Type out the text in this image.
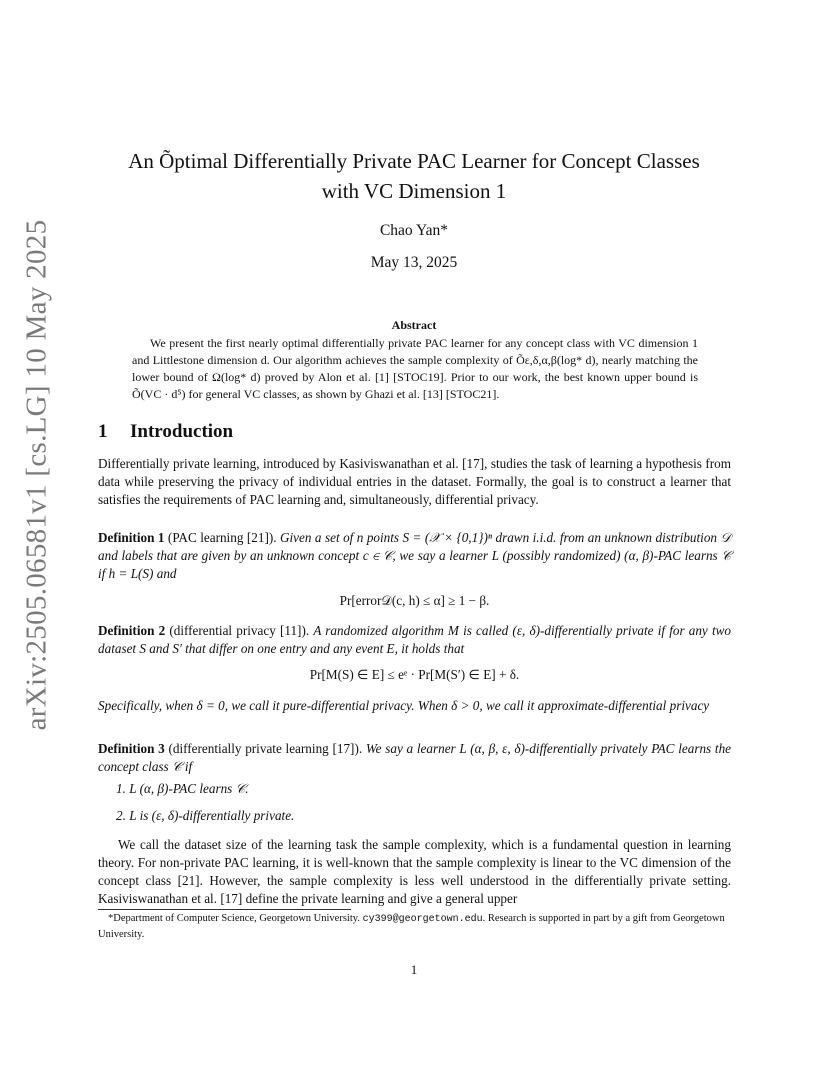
arXiv:2505.06581v1 [cs.LG] 10 May 2025
An Õptimal Differentially Private PAC Learner for Concept Classes
with VC Dimension 1
Chao Yan*
May 13, 2025
Abstract
We present the first nearly optimal differentially private PAC learner for any concept class with VC dimension 1 and Littlestone dimension d. Our algorithm achieves the sample complexity of Õε,δ,α,β(log* d), nearly matching the lower bound of Ω(log* d) proved by Alon et al. [1] [STOC19]. Prior to our work, the best known upper bound is Õ(VC · d⁵) for general VC classes, as shown by Ghazi et al. [13] [STOC21].
1 Introduction
Differentially private learning, introduced by Kasiviswanathan et al. [17], studies the task of learning a hypothesis from data while preserving the privacy of individual entries in the dataset. Formally, the goal is to construct a learner that satisfies the requirements of PAC learning and, simultaneously, differential privacy.
Definition 1 (PAC learning [21]). Given a set of n points S = (𝒳 × {0,1})ⁿ drawn i.i.d. from an unknown distribution 𝒟 and labels that are given by an unknown concept c ∈ 𝒞, we say a learner L (possibly randomized) (α, β)-PAC learns 𝒞 if h = L(S) and
Pr[error𝒟(c, h) ≤ α] ≥ 1 − β.
Definition 2 (differential privacy [11]). A randomized algorithm M is called (ε, δ)-differentially private if for any two dataset S and S′ that differ on one entry and any event E, it holds that
Pr[M(S) ∈ E] ≤ eᵉ · Pr[M(S′) ∈ E] + δ.
Specifically, when δ = 0, we call it pure-differential privacy. When δ > 0, we call it approximate-differential privacy
Definition 3 (differentially private learning [17]). We say a learner L (α, β, ε, δ)-differentially privately PAC learns the concept class 𝒞 if
1. L (α, β)-PAC learns 𝒞.
2. L is (ε, δ)-differentially private.
We call the dataset size of the learning task the sample complexity, which is a fundamental question in learning theory. For non-private PAC learning, it is well-known that the sample complexity is linear to the VC dimension of the concept class [21]. However, the sample complexity is less well understood in the differentially private setting. Kasiviswanathan et al. [17] define the private learning and give a general upper
*Department of Computer Science, Georgetown University. cy399@georgetown.edu. Research is supported in part by a gift from Georgetown University.
1
